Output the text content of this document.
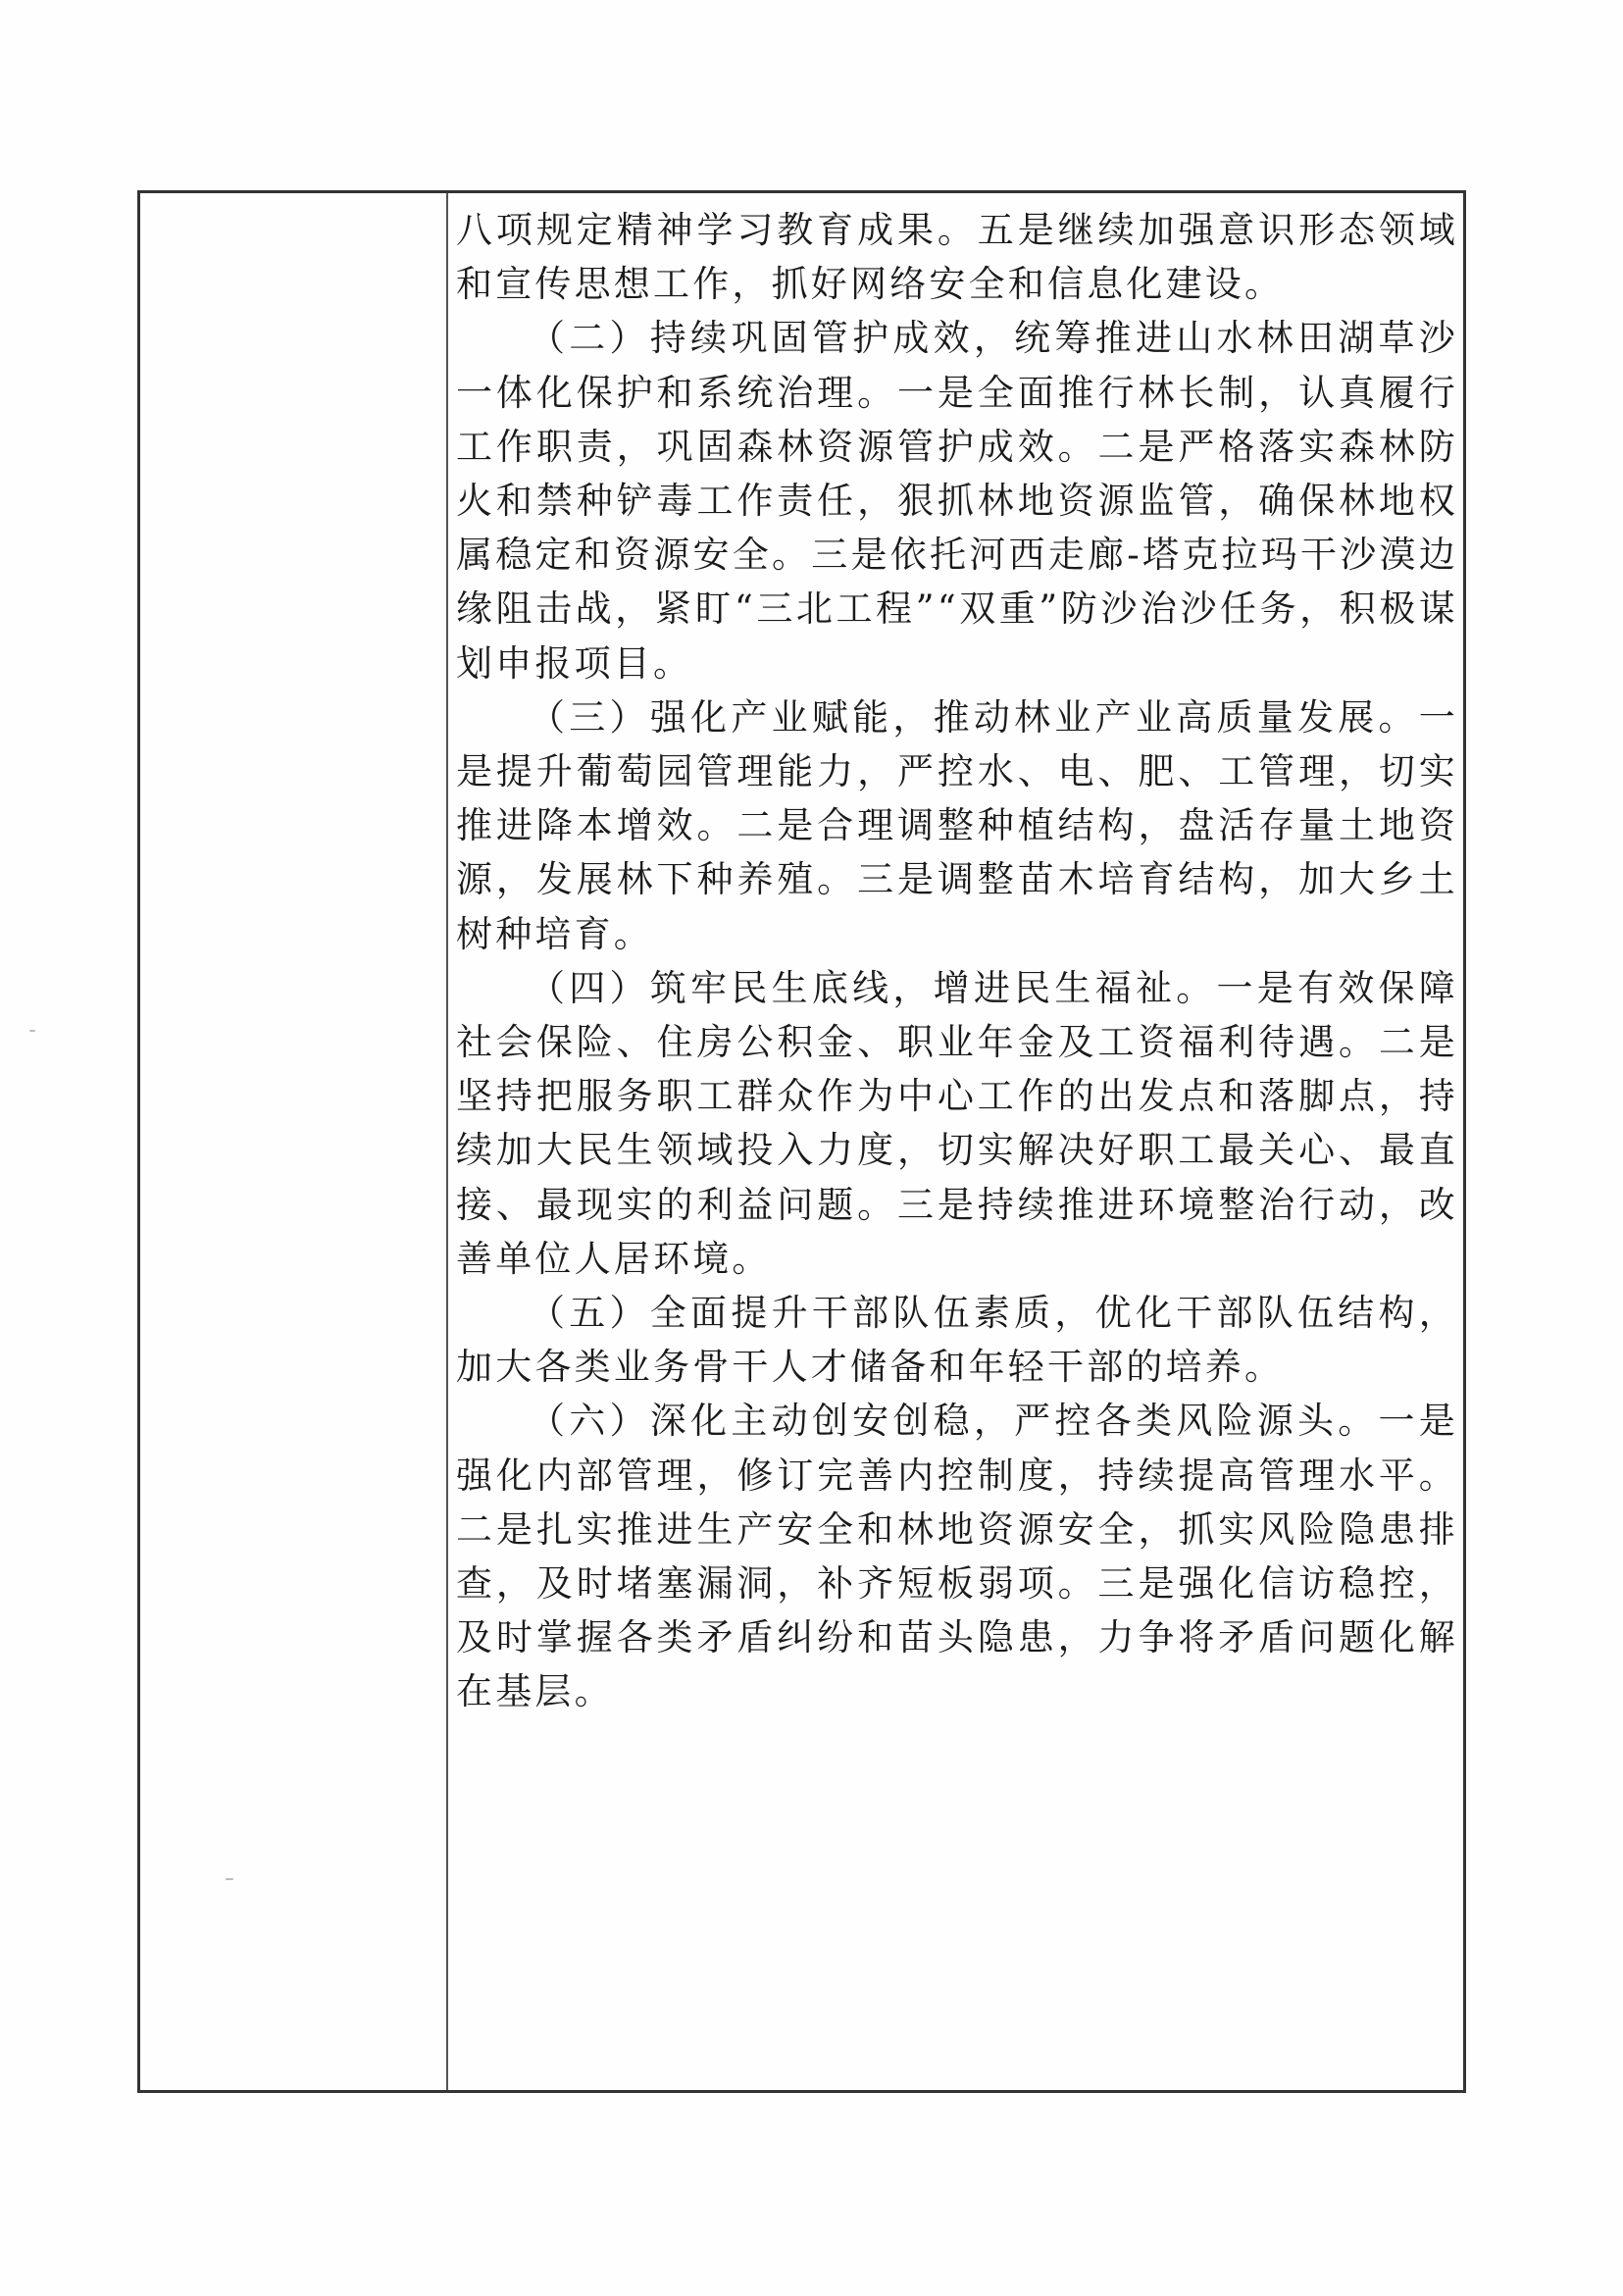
八项规定精神学习教育成果。五是继续加强意识形态领域和宣传思想工作，抓好网络安全和信息化建设。

（二）持续巩固管护成效，统筹推进山水林田湖草沙一体化保护和系统治理。一是全面推行林长制，认真履行工作职责，巩固森林资源管护成效。二是严格落实森林防火和禁种铲毒工作责任，狠抓林地资源监管，确保林地权属稳定和资源安全。三是依托河西走廊-塔克拉玛干沙漠边缘阻击战，紧盯“三北工程”“双重”防沙治沙任务，积极谋划申报项目。

（三）强化产业赋能，推动林业产业高质量发展。一是提升葡萄园管理能力，严控水、电、肥、工管理，切实推进降本增效。二是合理调整种植结构，盘活存量土地资源，发展林下种养殖。三是调整苗木培育结构，加大乡土树种培育。

（四）筑牢民生底线，增进民生福祉。一是有效保障社会保险、住房公积金、职业年金及工资福利待遇。二是坚持把服务职工群众作为中心工作的出发点和落脚点，持续加大民生领域投入力度，切实解决好职工最关心、最直接、最现实的利益问题。三是持续推进环境整治行动，改善单位人居环境。

（五）全面提升干部队伍素质，优化干部队伍结构，加大各类业务骨干人才储备和年轻干部的培养。

（六）深化主动创安创稳，严控各类风险源头。一是强化内部管理，修订完善内控制度，持续提高管理水平。二是扎实推进生产安全和林地资源安全，抓实风险隐患排查，及时堵塞漏洞，补齐短板弱项。三是强化信访稳控，及时掌握各类矛盾纠纷和苗头隐患，力争将矛盾问题化解在基层。
